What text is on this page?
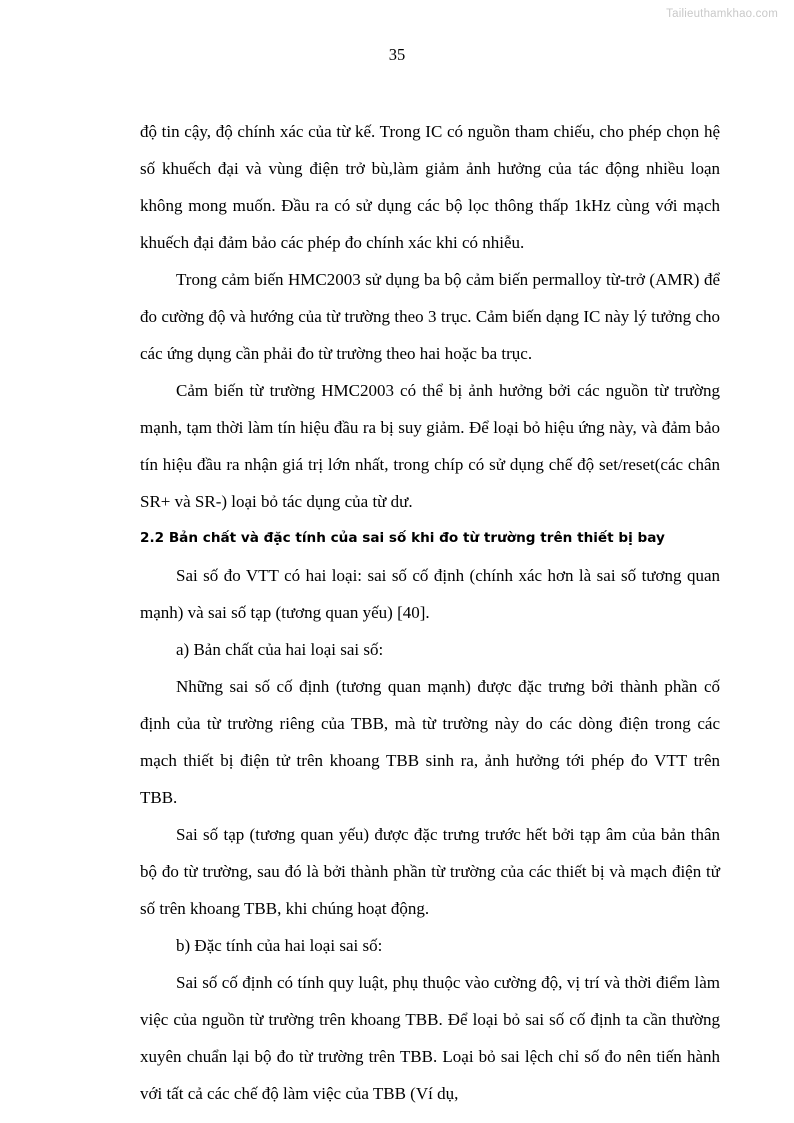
Tailieuthamkhao.com
35

độ tin cậy, độ chính xác của từ kế. Trong IC có nguồn tham chiếu, cho phép chọn hệ số khuếch đại và vùng điện trở bù,làm giảm ảnh hưởng của tác động nhiều loạn không mong muốn. Đầu ra có sử dụng các bộ lọc thông thấp 1kHz cùng với mạch khuếch đại đảm bảo các phép đo chính xác khi có nhiễu.

Trong cảm biến HMC2003 sử dụng ba bộ cảm biến permalloy từ-trở (AMR) để đo cường độ và hướng của từ trường theo 3 trục. Cảm biến dạng IC này lý tưởng cho các ứng dụng cần phải đo từ trường theo hai hoặc ba trục.

Cảm biến từ trường HMC2003 có thể bị ảnh hưởng bởi các nguồn từ trường mạnh, tạm thời làm tín hiệu đầu ra bị suy giảm. Để loại bỏ hiệu ứng này, và đảm bảo tín hiệu đầu ra nhận giá trị lớn nhất, trong chíp có sử dụng chế độ set/reset(các chân SR+ và SR-) loại bỏ tác dụng của từ dư.

2.2 Bản chất và đặc tính của sai số khi đo từ trường trên thiết bị bay

Sai số đo VTT có hai loại: sai số cố định (chính xác hơn là sai số tương quan mạnh) và sai số tạp (tương quan yếu) [40].

a) Bản chất của hai loại sai số:

Những sai số cố định (tương quan mạnh) được đặc trưng bởi thành phần cố định của từ trường riêng của TBB, mà từ trường này do các dòng điện trong các mạch thiết bị điện tử trên khoang TBB sinh ra, ảnh hưởng tới phép đo VTT trên TBB.

Sai số tạp (tương quan yếu) được đặc trưng trước hết bởi tạp âm của bản thân bộ đo từ trường, sau đó là bởi thành phần từ trường của các thiết bị và mạch điện tử số trên khoang TBB, khi chúng hoạt động.

b) Đặc tính của hai loại sai số:

Sai số cố định có tính quy luật, phụ thuộc vào cường độ, vị trí và thời điểm làm việc của nguồn từ trường trên khoang TBB. Để loại bỏ sai số cố định ta cần thường xuyên chuẩn lại bộ đo từ trường trên TBB. Loại bỏ sai lệch chỉ số đo nên tiến hành với tất cả các chế độ làm việc của TBB (Ví dụ,
